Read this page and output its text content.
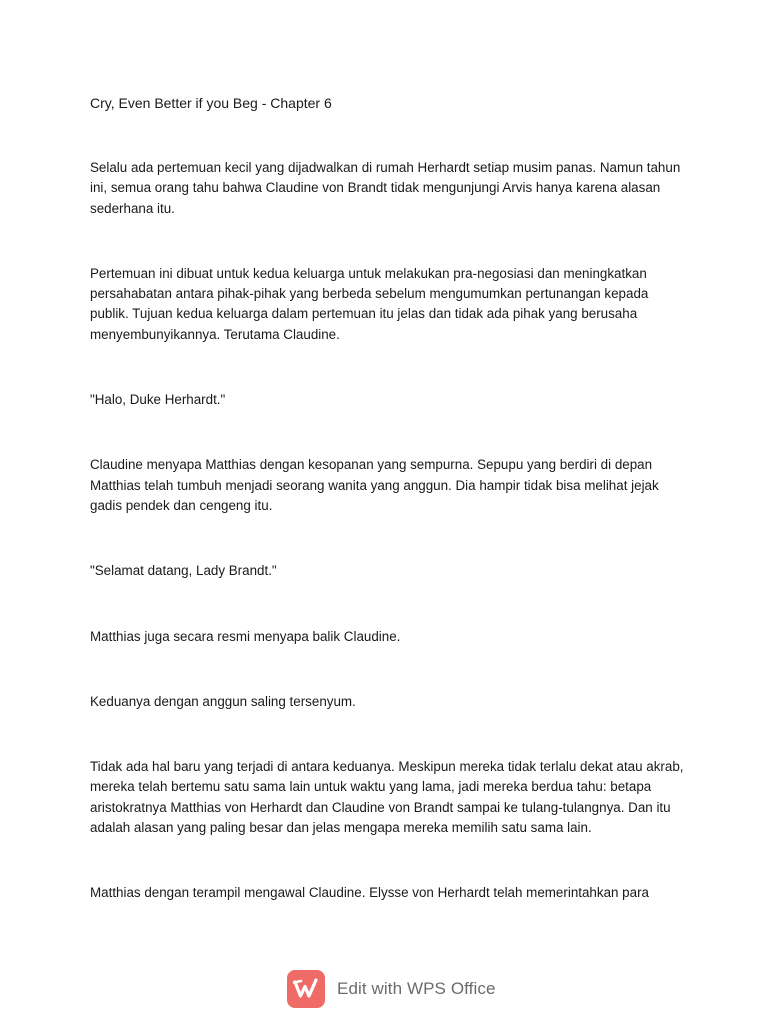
Cry, Even Better if you Beg - Chapter 6

Selalu ada pertemuan kecil yang dijadwalkan di rumah Herhardt setiap musim panas. Namun tahun ini, semua orang tahu bahwa Claudine von Brandt tidak mengunjungi Arvis hanya karena alasan sederhana itu.

Pertemuan ini dibuat untuk kedua keluarga untuk melakukan pra-negosiasi dan meningkatkan persahabatan antara pihak-pihak yang berbeda sebelum mengumumkan pertunangan kepada publik. Tujuan kedua keluarga dalam pertemuan itu jelas dan tidak ada pihak yang berusaha menyembunyikannya. Terutama Claudine.

"Halo, Duke Herhardt."

Claudine menyapa Matthias dengan kesopanan yang sempurna. Sepupu yang berdiri di depan Matthias telah tumbuh menjadi seorang wanita yang anggun. Dia hampir tidak bisa melihat jejak gadis pendek dan cengeng itu.

"Selamat datang, Lady Brandt."

Matthias juga secara resmi menyapa balik Claudine.

Keduanya dengan anggun saling tersenyum.

Tidak ada hal baru yang terjadi di antara keduanya. Meskipun mereka tidak terlalu dekat atau akrab, mereka telah bertemu satu sama lain untuk waktu yang lama, jadi mereka berdua tahu: betapa aristokratnya Matthias von Herhardt dan Claudine von Brandt sampai ke tulang-tulangnya. Dan itu adalah alasan yang paling besar dan jelas mengapa mereka memilih satu sama lain.

Matthias dengan terampil mengawal Claudine. Elysse von Herhardt telah memerintahkan para

Edit with WPS Office
